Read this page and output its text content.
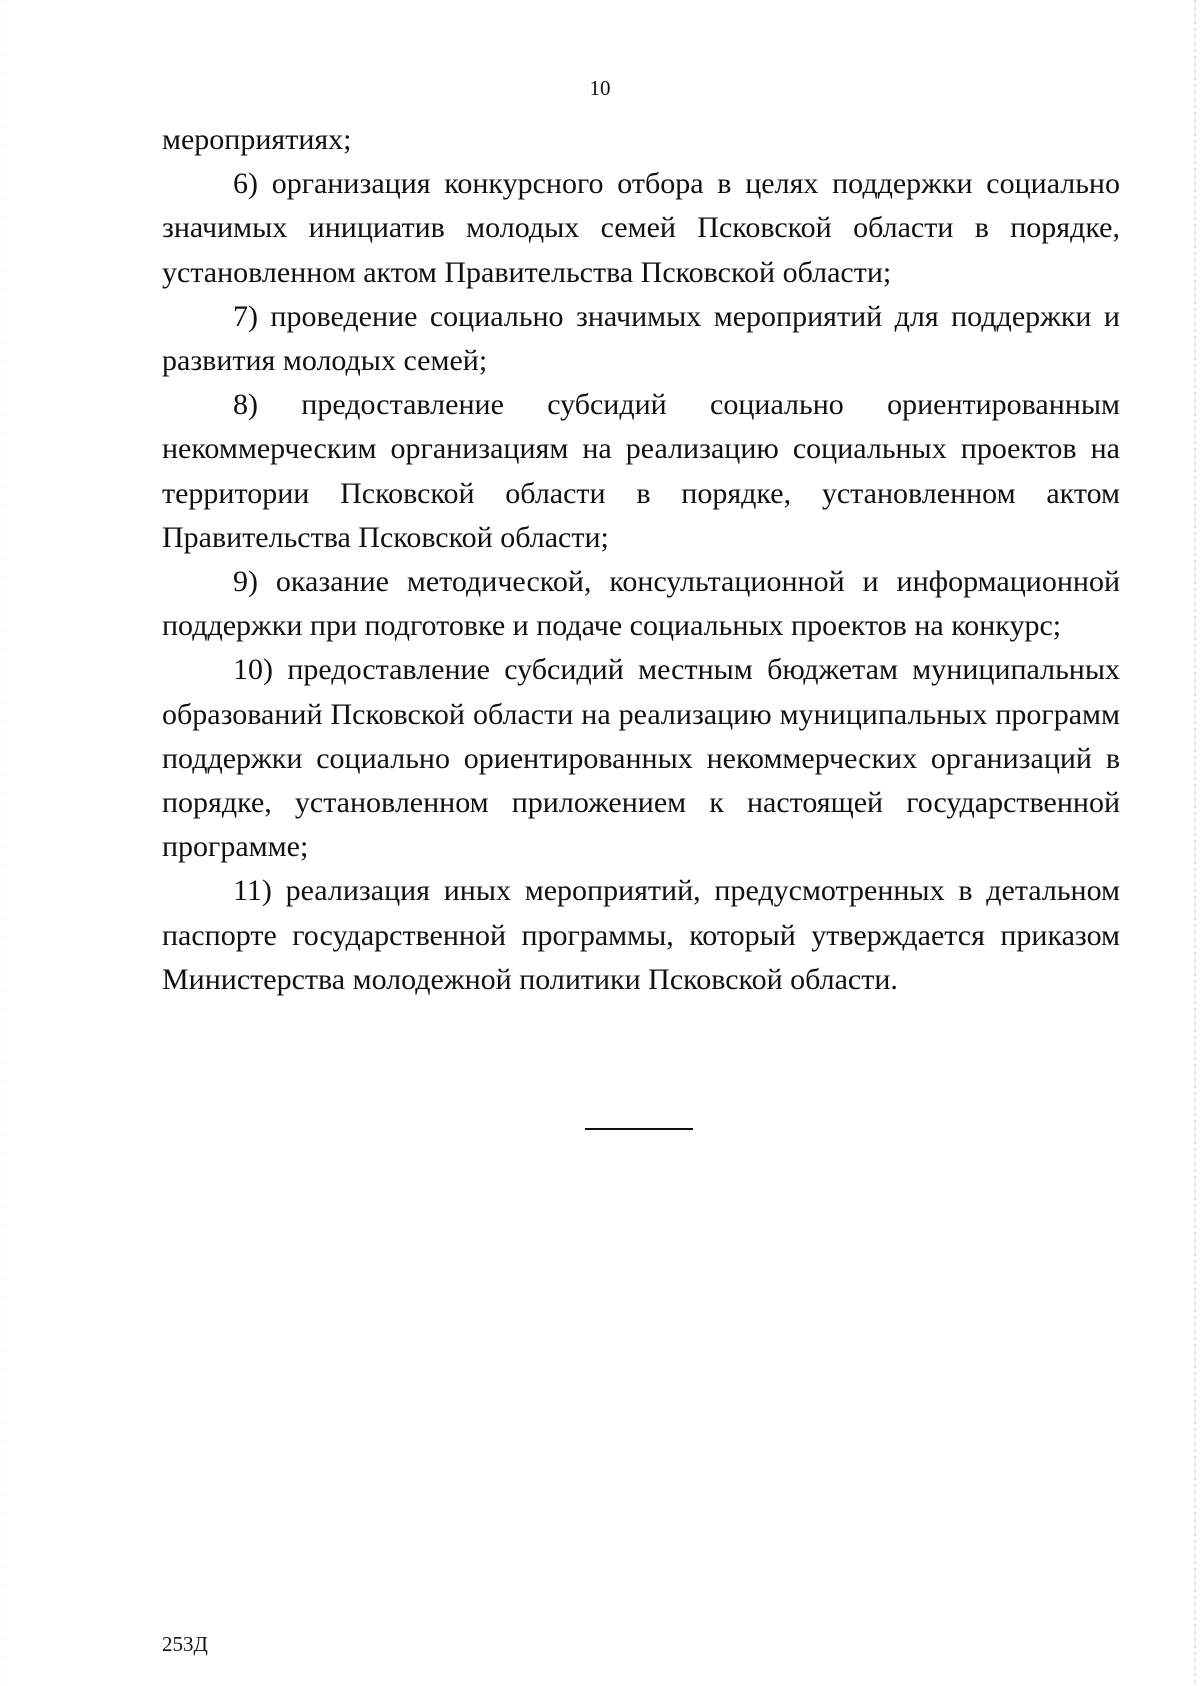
10

мероприятиях;

6) организация конкурсного отбора в целях поддержки социально значимых инициатив молодых семей Псковской области в порядке, установленном актом Правительства Псковской области;

7) проведение социально значимых мероприятий для поддержки и развития молодых семей;

8) предоставление субсидий социально ориентированным некоммерческим организациям на реализацию социальных проектов на территории Псковской области в порядке, установленном актом Правительства Псковской области;

9) оказание методической, консультационной и информационной поддержки при подготовке и подаче социальных проектов на конкурс;

10) предоставление субсидий местным бюджетам муниципальных образований Псковской области на реализацию муниципальных программ поддержки социально ориентированных некоммерческих организаций в порядке, установленном приложением к настоящей государственной программе;

11) реализация иных мероприятий, предусмотренных в детальном паспорте государственной программы, который утверждается приказом Министерства молодежной политики Псковской области.

253Д
